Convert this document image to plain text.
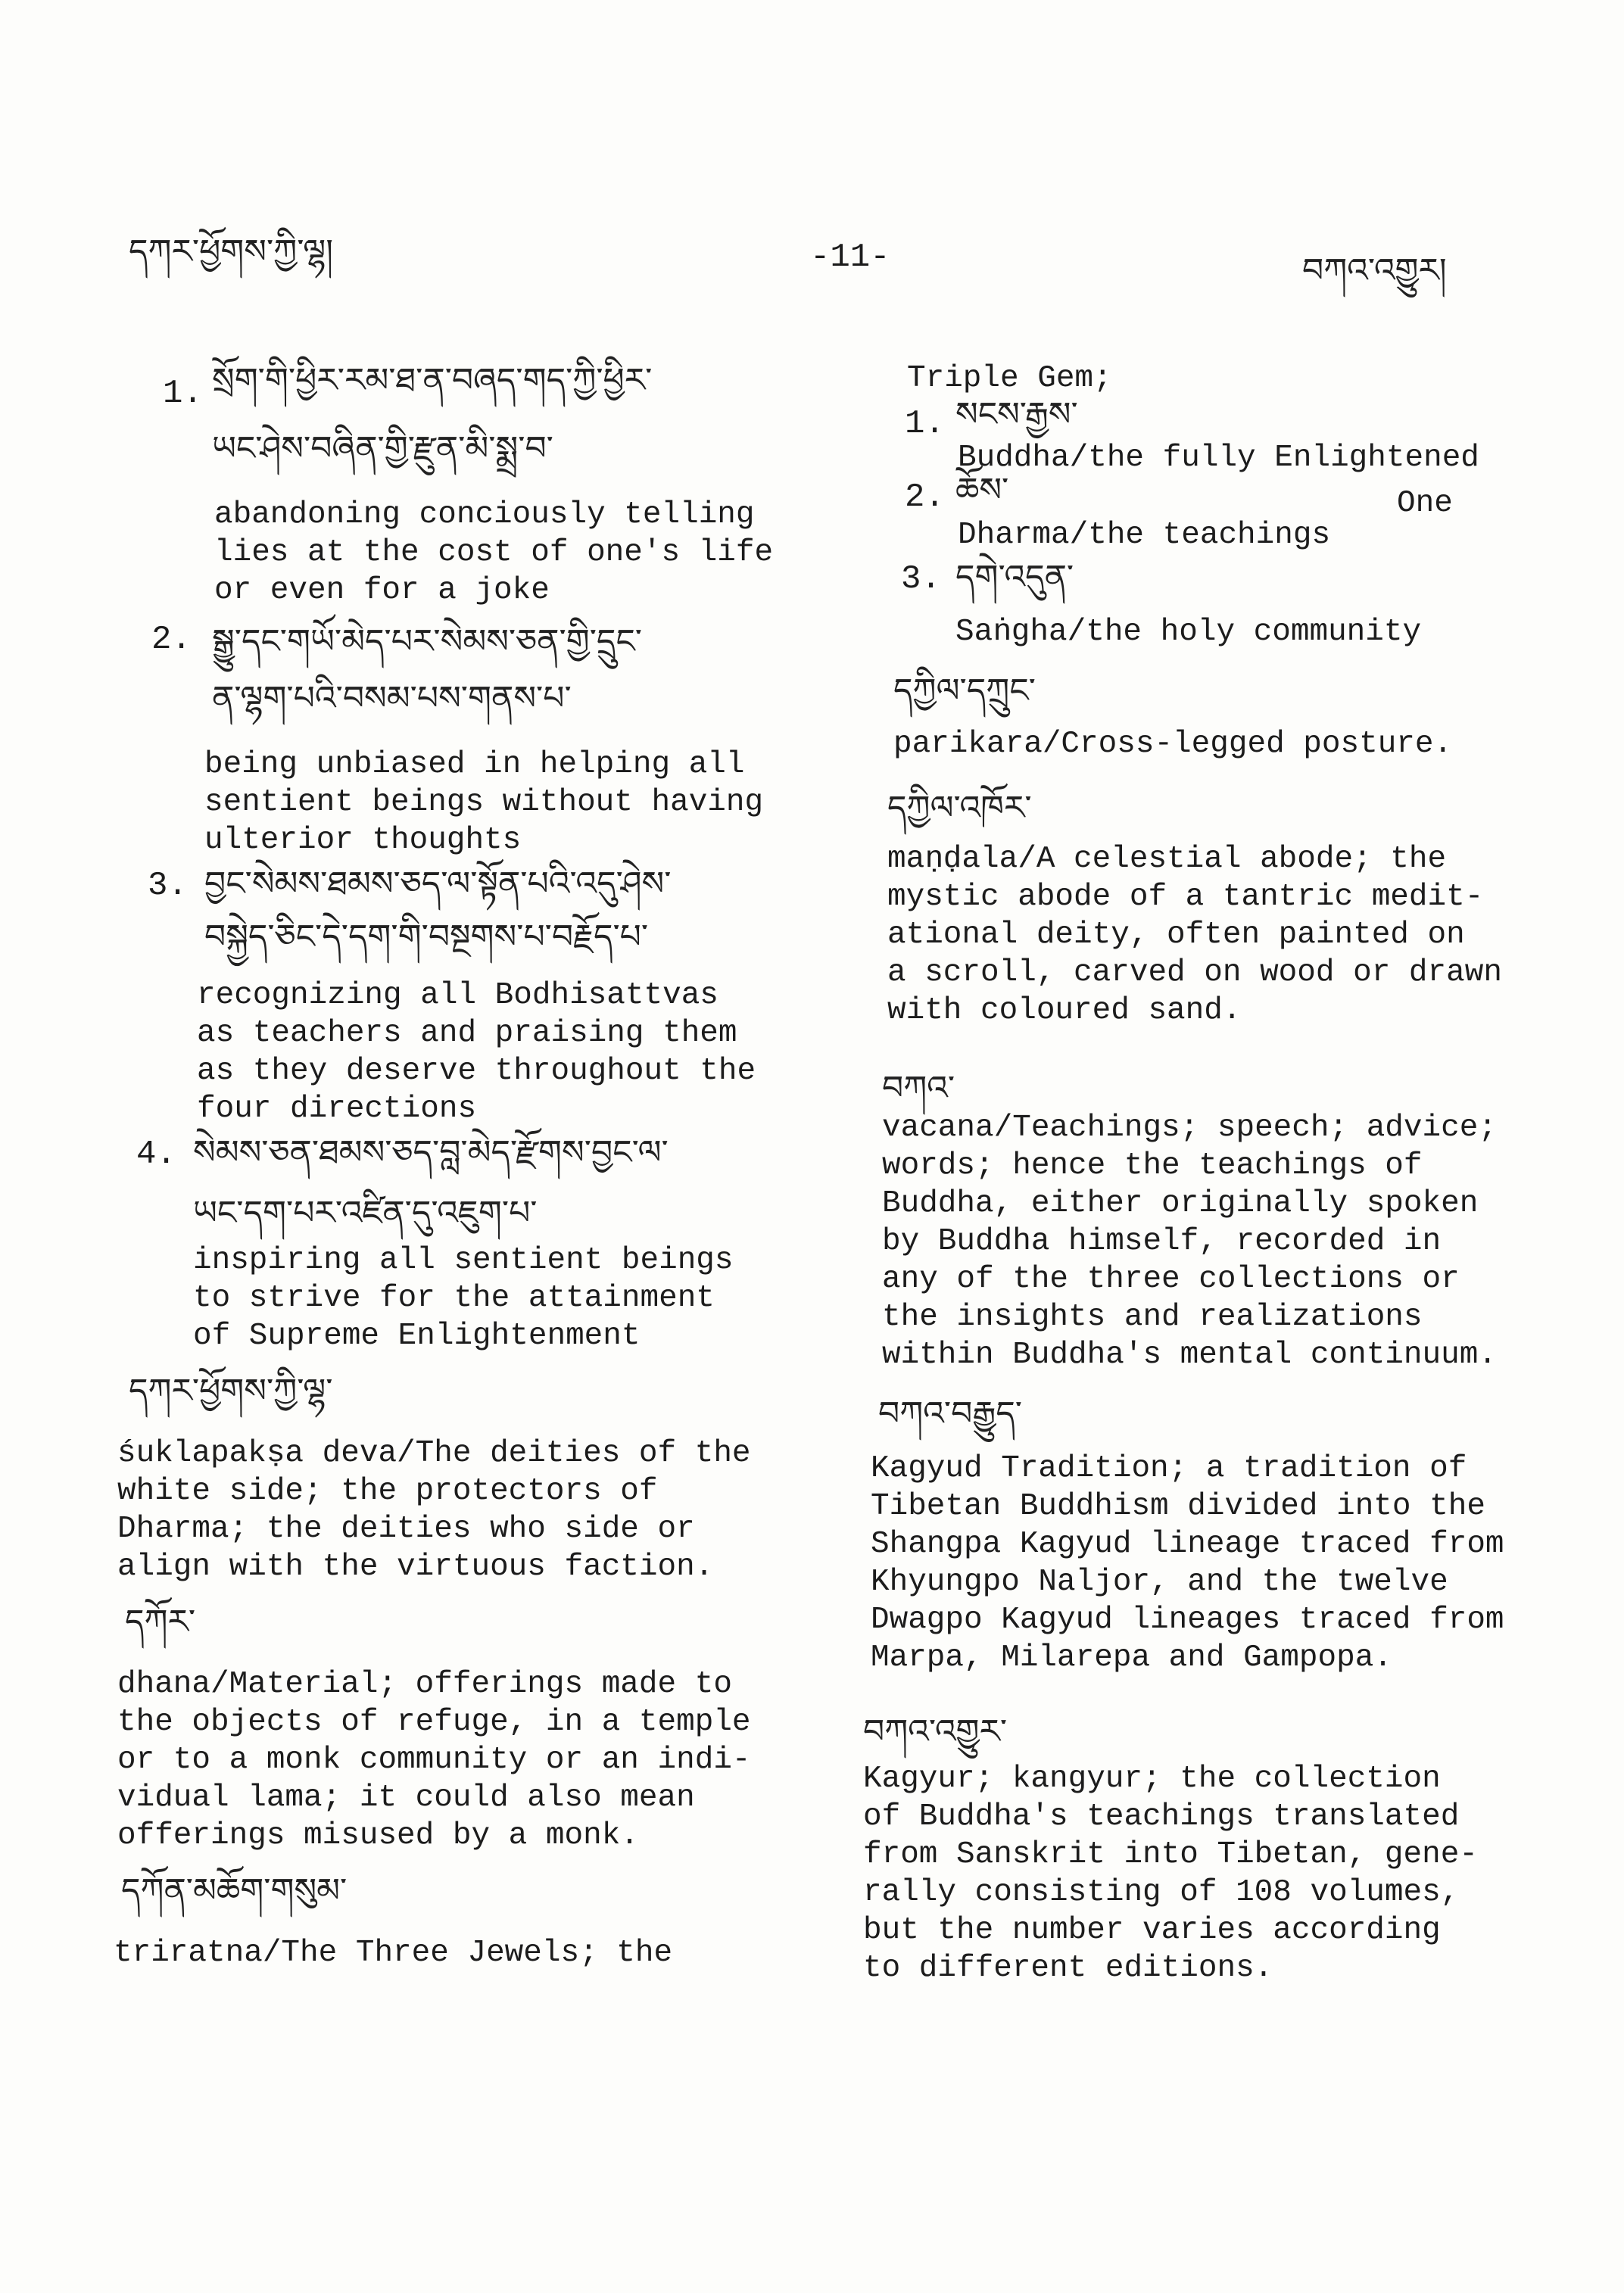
དཀར་ཕྱོགས་ཀྱི་ལྷ།	-11-	བཀའ་འགྱུར།
1. སྲོག་གི་ཕྱིར་རམ་ཐ་ན་བཞད་གད་ཀྱི་ཕྱིར་
ཡང་ཤེས་བཞིན་གྱི་རྫུན་མི་སྨྲ་བ་
abandoning conciously telling
lies at the cost of one's life
or even for a joke
2. སྒྱུ་དང་གཡོ་མེད་པར་སེམས་ཅན་གྱི་དྲུང་
ན་ལྷག་པའི་བསམ་པས་གནས་པ་
being unbiased in helping all
sentient beings without having
ulterior thoughts
3. བྱང་སེམས་ཐམས་ཅད་ལ་སྟོན་པའི་འདུ་ཤེས་
བསྐྱེད་ཅིང་དེ་དག་གི་བསྔགས་པ་བརྗོད་པ་
recognizing all Bodhisattvas
as teachers and praising them
as they deserve throughout the
four directions
4. སེམས་ཅན་ཐམས་ཅད་བླ་མེད་རྫོགས་བྱང་ལ་
ཡང་དག་པར་འཛིན་དུ་འཇུག་པ་
inspiring all sentient beings
to strive for the attainment
of Supreme Enlightenment
དཀར་ཕྱོགས་ཀྱི་ལྷ་
śuklapakṣa deva/The deities of the
white side; the protectors of
Dharma; the deities who side or
align with the virtuous faction.
དཀོར་
dhana/Material; offerings made to
the objects of refuge, in a temple
or to a monk community or an indi-
vidual lama; it could also mean
offerings misused by a monk.
དཀོན་མཆོག་གསུམ་
triratna/The Three Jewels; the
Triple Gem;
1. སངས་རྒྱས་
Buddha/the fully Enlightened
One
2. ཆོས་
Dharma/the teachings
3. དགེ་འདུན་
Saṅgha/the holy community
དཀྱིལ་དཀྲུང་
parikara/Cross-legged posture.
དཀྱིལ་འཁོར་
maṇḍala/A celestial abode; the
mystic abode of a tantric medit-
ational deity, often painted on
a scroll, carved on wood or drawn
with coloured sand.
བཀའ་
vacana/Teachings; speech; advice;
words; hence the teachings of
Buddha, either originally spoken
by Buddha himself, recorded in
any of the three collections or
the insights and realizations
within Buddha's mental continuum.
བཀའ་བརྒྱུད་
Kagyud Tradition; a tradition of
Tibetan Buddhism divided into the
Shangpa Kagyud lineage traced from
Khyungpo Naljor, and the twelve
Dwagpo Kagyud lineages traced from
Marpa, Milarepa and Gampopa.
བཀའ་འགྱུར་
Kagyur; kangyur; the collection
of Buddha's teachings translated
from Sanskrit into Tibetan, gene-
rally consisting of 108 volumes,
but the number varies according
to different editions.
